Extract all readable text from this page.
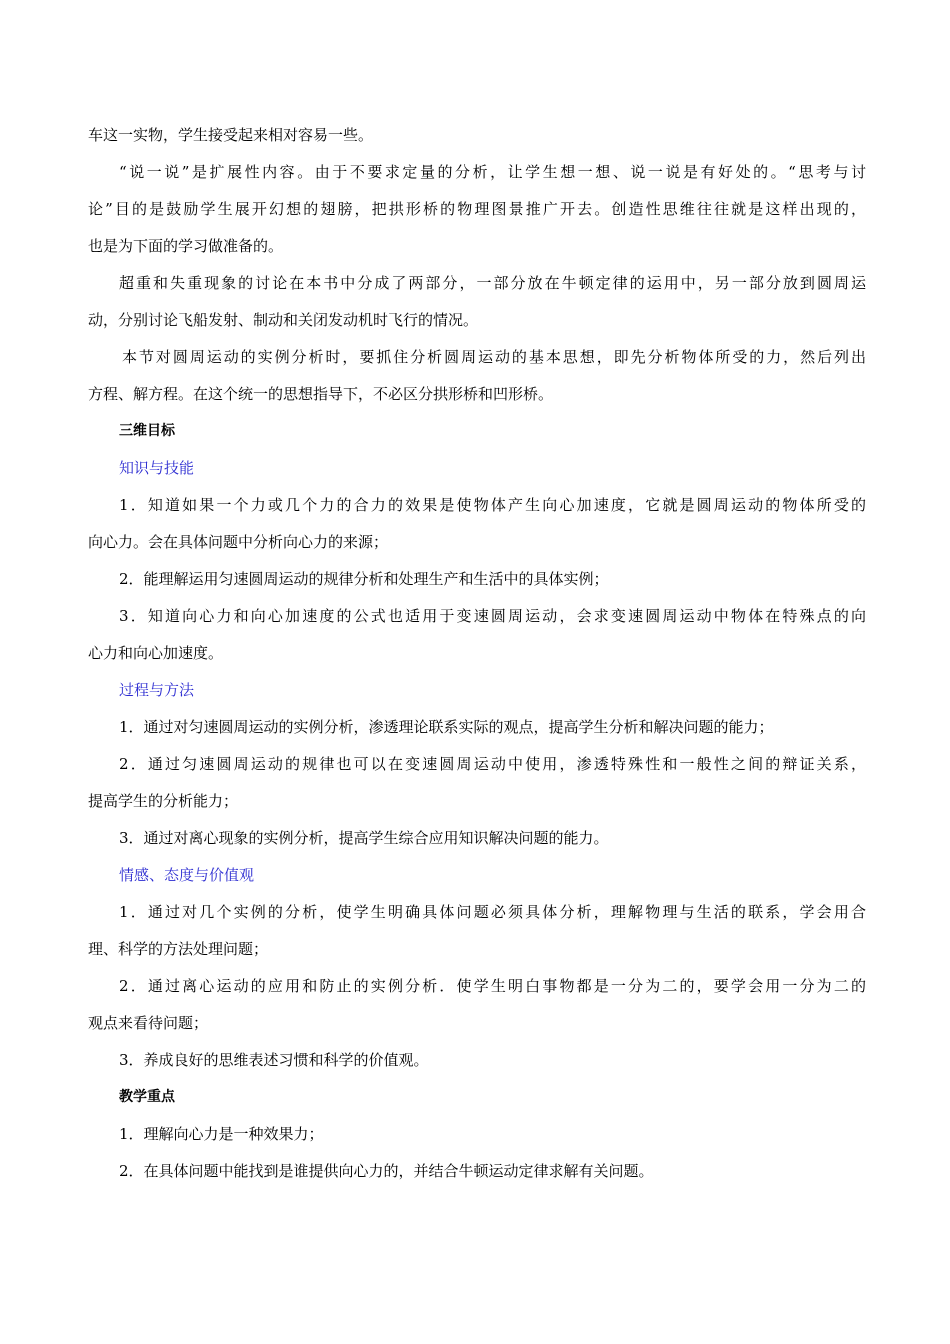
车这一实物，学生接受起来相对容易一些。
“说一说”是扩展性内容。由于不要求定量的分析，让学生想一想、说一说是有好处的。“思考与讨
论”目的是鼓励学生展开幻想的翅膀，把拱形桥的物理图景推广开去。创造性思维往往就是这样出现的，
也是为下面的学习做准备的。
超重和失重现象的讨论在本书中分成了两部分，一部分放在牛顿定律的运用中，另一部分放到圆周运
动，分别讨论飞船发射、制动和关闭发动机时飞行的情况。
本节对圆周运动的实例分析时，要抓住分析圆周运动的基本思想，即先分析物体所受的力，然后列出
方程、解方程。在这个统一的思想指导下，不必区分拱形桥和凹形桥。
三维目标
知识与技能
1．知道如果一个力或几个力的合力的效果是使物体产生向心加速度，它就是圆周运动的物体所受的
向心力。会在具体问题中分析向心力的来源；
2．能理解运用匀速圆周运动的规律分析和处理生产和生活中的具体实例；
3．知道向心力和向心加速度的公式也适用于变速圆周运动，会求变速圆周运动中物体在特殊点的向
心力和向心加速度。
过程与方法
1．通过对匀速圆周运动的实例分析，渗透理论联系实际的观点，提高学生分析和解决问题的能力；
2．通过匀速圆周运动的规律也可以在变速圆周运动中使用，渗透特殊性和一般性之间的辩证关系，
提高学生的分析能力；
3．通过对离心现象的实例分析，提高学生综合应用知识解决问题的能力。
情感、态度与价值观
1．通过对几个实例的分析，使学生明确具体问题必须具体分析，理解物理与生活的联系，学会用合
理、科学的方法处理问题；
2．通过离心运动的应用和防止的实例分析．使学生明白事物都是一分为二的，要学会用一分为二的
观点来看待问题；
3．养成良好的思维表述习惯和科学的价值观。
教学重点
1．理解向心力是一种效果力；
2．在具体问题中能找到是谁提供向心力的，并结合牛顿运动定律求解有关问题。
